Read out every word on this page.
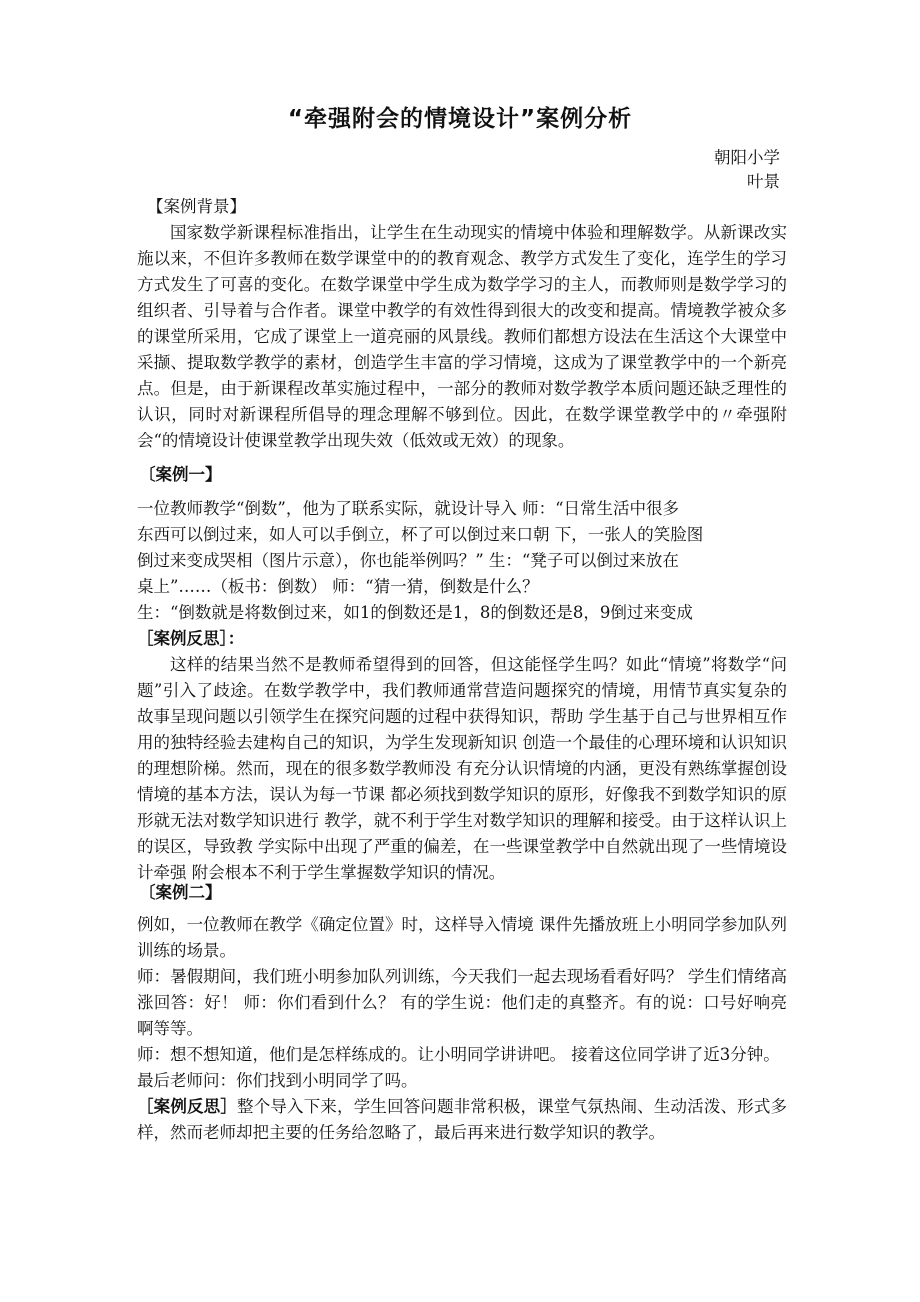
“牵强附会的情境设计”案例分析
朝阳小学
叶景
【案例背景】

国家数学新课程标准指出，让学生在生动现实的情境中体验和理解数学。从新课改实施以来，不但许多教师在数学课堂中的的教育观念、教学方式发生了变化，连学生的学习方式发生了可喜的变化。在数学课堂中学生成为数学学习的主人，而教师则是数学学习的组织者、引导着与合作者。课堂中教学的有效性得到很大的改变和提高。情境教学被众多的课堂所采用，它成了课堂上一道亮丽的风景线。教师们都想方设法在生活这个大课堂中采撷、提取数学教学的素材，创造学生丰富的学习情境，这成为了课堂教学中的一个新亮点。但是，由于新课程改革实施过程中，一部分的教师对数学教学本质问题还缺乏理性的认识，同时对新课程所倡导的理念理解不够到位。因此，在数学课堂教学中的〃牵强附会“的情境设计使课堂教学出现失效（低效或无效）的现象。

〔案例一】

一位教师教学“倒数”，他为了联系实际，就设计导入 师：“日常生活中很多
东西可以倒过来，如人可以手倒立，杯了可以倒过来口朝 下，一张人的笑脸图
倒过来变成哭相（图片示意），你也能举例吗？” 生：“凳子可以倒过来放在
桌上”……（板书：倒数） 师：“猜一猜，倒数是什么？
生：“倒数就是将数倒过来，如1的倒数还是1，8的倒数还是8，9倒过来变成

［案例反思］：

这样的结果当然不是教师希望得到的回答，但这能怪学生吗？如此“情境”将数学“问题”引入了歧途。在数学教学中，我们教师通常营造问题探究的情境，用情节真实复杂的故事呈现问题以引领学生在探究问题的过程中获得知识，帮助 学生基于自己与世界相互作用的独特经验去建构自己的知识，为学生发现新知识 创造一个最佳的心理环境和认识知识的理想阶梯。然而，现在的很多数学教师没 有充分认识情境的内涵，更没有熟练掌握创设情境的基本方法，误认为每一节课 都必须找到数学知识的原形，好像我不到数学知识的原形就无法对数学知识进行 教学，就不利于学生对数学知识的理解和接受。由于这样认识上的误区，导致教 学实际中出现了严重的偏差，在一些课堂教学中自然就出现了一些情境设计牵强 附会根本不利于学生掌握数学知识的情况。

〔案例二】

例如，一位教师在教学《确定位置》时，这样导入情境 课件先播放班上小明同学参加队列训练的场景。

师：暑假期间，我们班小明参加队列训练，今天我们一起去现场看看好吗？ 学生们情绪高涨回答：好！ 师：你们看到什么？ 有的学生说：他们走的真整齐。有的说：口号好响亮啊等等。

师：想不想知道，他们是怎样练成的。让小明同学讲讲吧。 接着这位同学讲了近3分钟。

最后老师问：你们找到小明同学了吗。

［案例反思］整个导入下来，学生回答问题非常积极，课堂气氛热闹、生动活泼、形式多样，然而老师却把主要的任务给忽略了，最后再来进行数学知识的教学。
